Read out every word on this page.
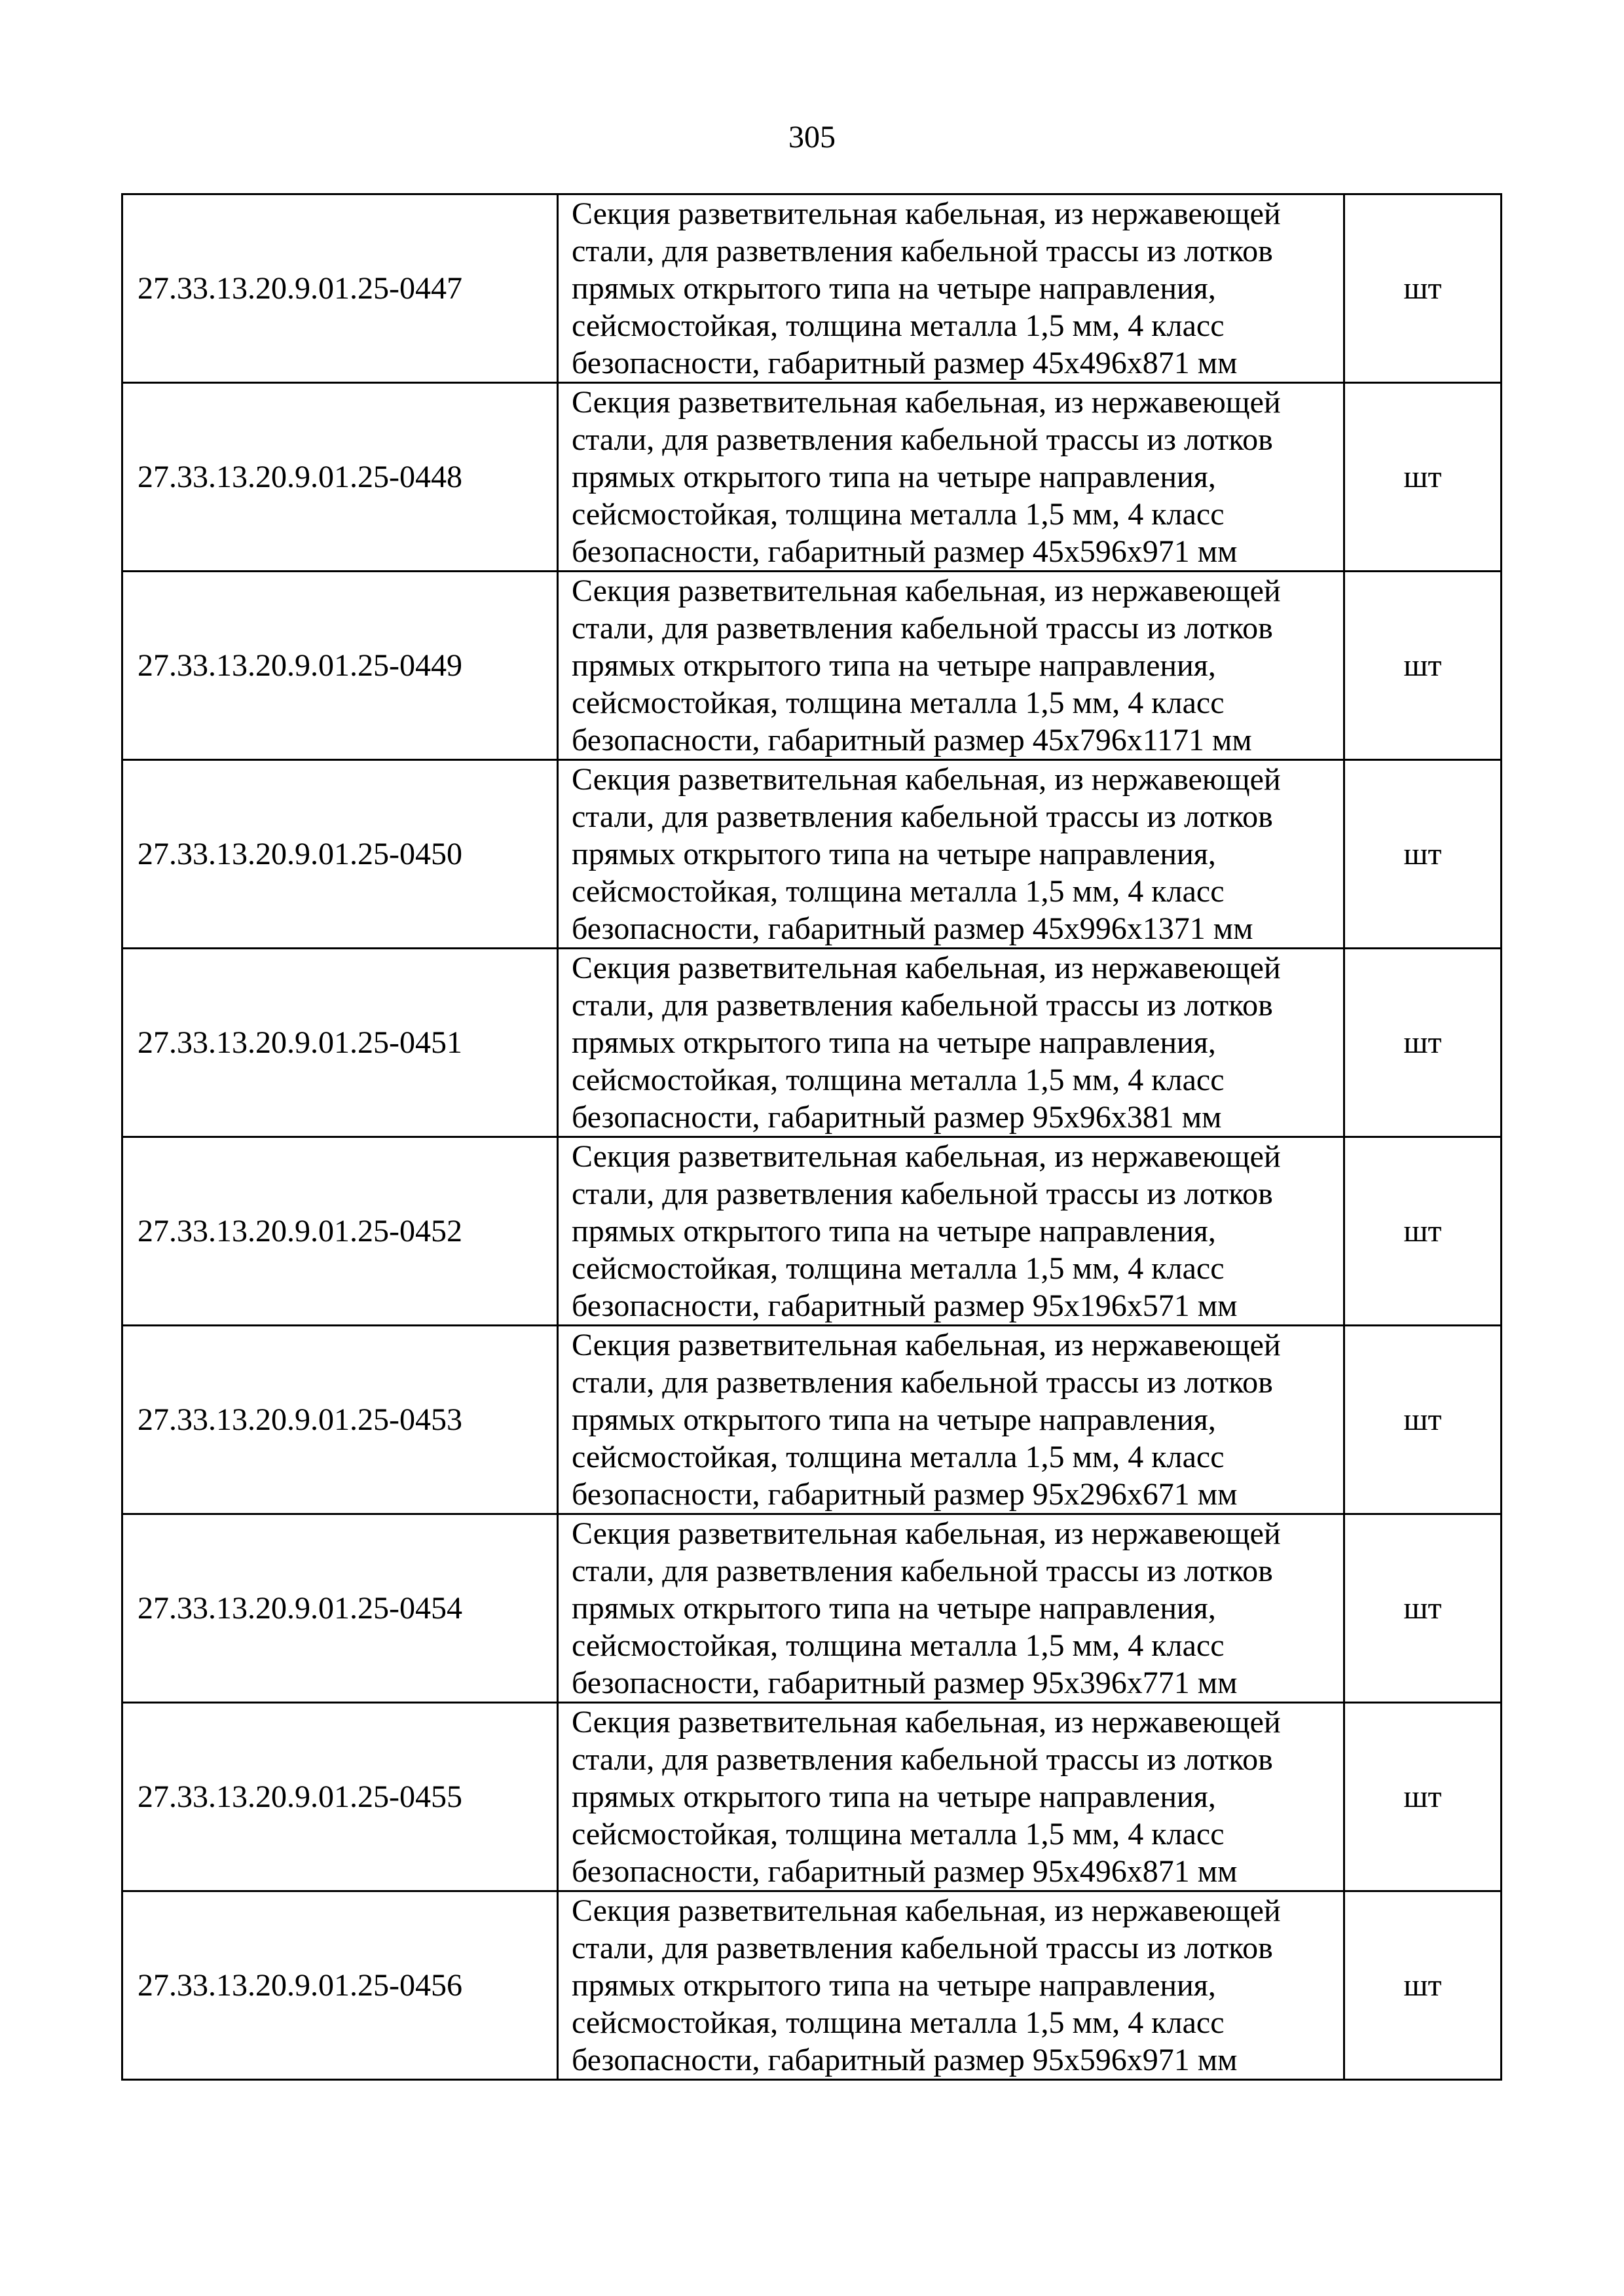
305
27.33.13.20.9.01.25-0447	Секция разветвительная кабельная, из нержавеющей
стали, для разветвления кабельной трассы из лотков
прямых открытого типа на четыре направления,
сейсмостойкая, толщина металла 1,5 мм, 4 класс
безопасности, габаритный размер 45x496x871 мм	шт
27.33.13.20.9.01.25-0448	Секция разветвительная кабельная, из нержавеющей
стали, для разветвления кабельной трассы из лотков
прямых открытого типа на четыре направления,
сейсмостойкая, толщина металла 1,5 мм, 4 класс
безопасности, габаритный размер 45x596x971 мм	шт
27.33.13.20.9.01.25-0449	Секция разветвительная кабельная, из нержавеющей
стали, для разветвления кабельной трассы из лотков
прямых открытого типа на четыре направления,
сейсмостойкая, толщина металла 1,5 мм, 4 класс
безопасности, габаритный размер 45x796x1171 мм	шт
27.33.13.20.9.01.25-0450	Секция разветвительная кабельная, из нержавеющей
стали, для разветвления кабельной трассы из лотков
прямых открытого типа на четыре направления,
сейсмостойкая, толщина металла 1,5 мм, 4 класс
безопасности, габаритный размер 45x996x1371 мм	шт
27.33.13.20.9.01.25-0451	Секция разветвительная кабельная, из нержавеющей
стали, для разветвления кабельной трассы из лотков
прямых открытого типа на четыре направления,
сейсмостойкая, толщина металла 1,5 мм, 4 класс
безопасности, габаритный размер 95x96x381 мм	шт
27.33.13.20.9.01.25-0452	Секция разветвительная кабельная, из нержавеющей
стали, для разветвления кабельной трассы из лотков
прямых открытого типа на четыре направления,
сейсмостойкая, толщина металла 1,5 мм, 4 класс
безопасности, габаритный размер 95x196x571 мм	шт
27.33.13.20.9.01.25-0453	Секция разветвительная кабельная, из нержавеющей
стали, для разветвления кабельной трассы из лотков
прямых открытого типа на четыре направления,
сейсмостойкая, толщина металла 1,5 мм, 4 класс
безопасности, габаритный размер 95x296x671 мм	шт
27.33.13.20.9.01.25-0454	Секция разветвительная кабельная, из нержавеющей
стали, для разветвления кабельной трассы из лотков
прямых открытого типа на четыре направления,
сейсмостойкая, толщина металла 1,5 мм, 4 класс
безопасности, габаритный размер 95x396x771 мм	шт
27.33.13.20.9.01.25-0455	Секция разветвительная кабельная, из нержавеющей
стали, для разветвления кабельной трассы из лотков
прямых открытого типа на четыре направления,
сейсмостойкая, толщина металла 1,5 мм, 4 класс
безопасности, габаритный размер 95x496x871 мм	шт
27.33.13.20.9.01.25-0456	Секция разветвительная кабельная, из нержавеющей
стали, для разветвления кабельной трассы из лотков
прямых открытого типа на четыре направления,
сейсмостойкая, толщина металла 1,5 мм, 4 класс
безопасности, габаритный размер 95x596x971 мм	шт
